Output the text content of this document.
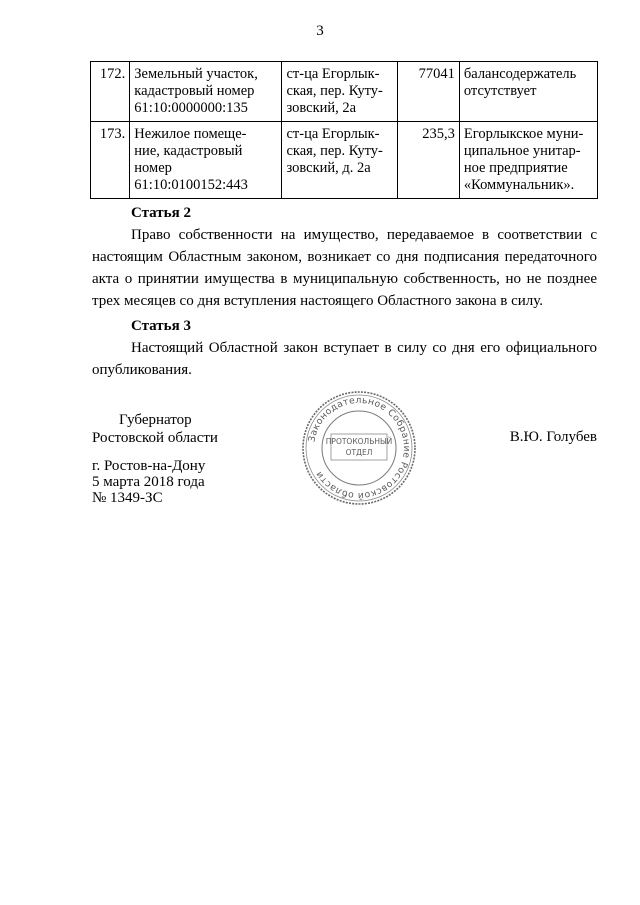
3
172.	Земельный участок,
кадастровый номер
61:10:0000000:135	ст-ца Егорлык-
ская, пер. Куту-
зовский, 2а	77041	балансодержатель
отсутствует

173.	Нежилое помеще-
ние, кадастровый
номер
61:10:0100152:443	ст-ца Егорлык-
ская, пер. Куту-
зовский, д. 2а	235,3	Егорлыкское муни-
ципальное унитар-
ное предприятие
«Коммунальник».
Статья 2
Право собственности на имущество, передаваемое в соответствии с
настоящим Областным законом, возникает со дня подписания передаточного
акта о принятии имущества в муниципальную собственность, но не позднее
трех месяцев со дня вступления настоящего Областного закона в силу.
Статья 3
Настоящий Областной закон вступает в силу со дня его официального
опубликования.
Губернатор
Ростовской области	В.Ю. Голубев
г. Ростов-на-Дону
5 марта 2018 года
№ 1349-ЗС
Законодательное Собрание Ростовской области
ПРОТОКОЛЬНЫЙ
ОТДЕЛ
